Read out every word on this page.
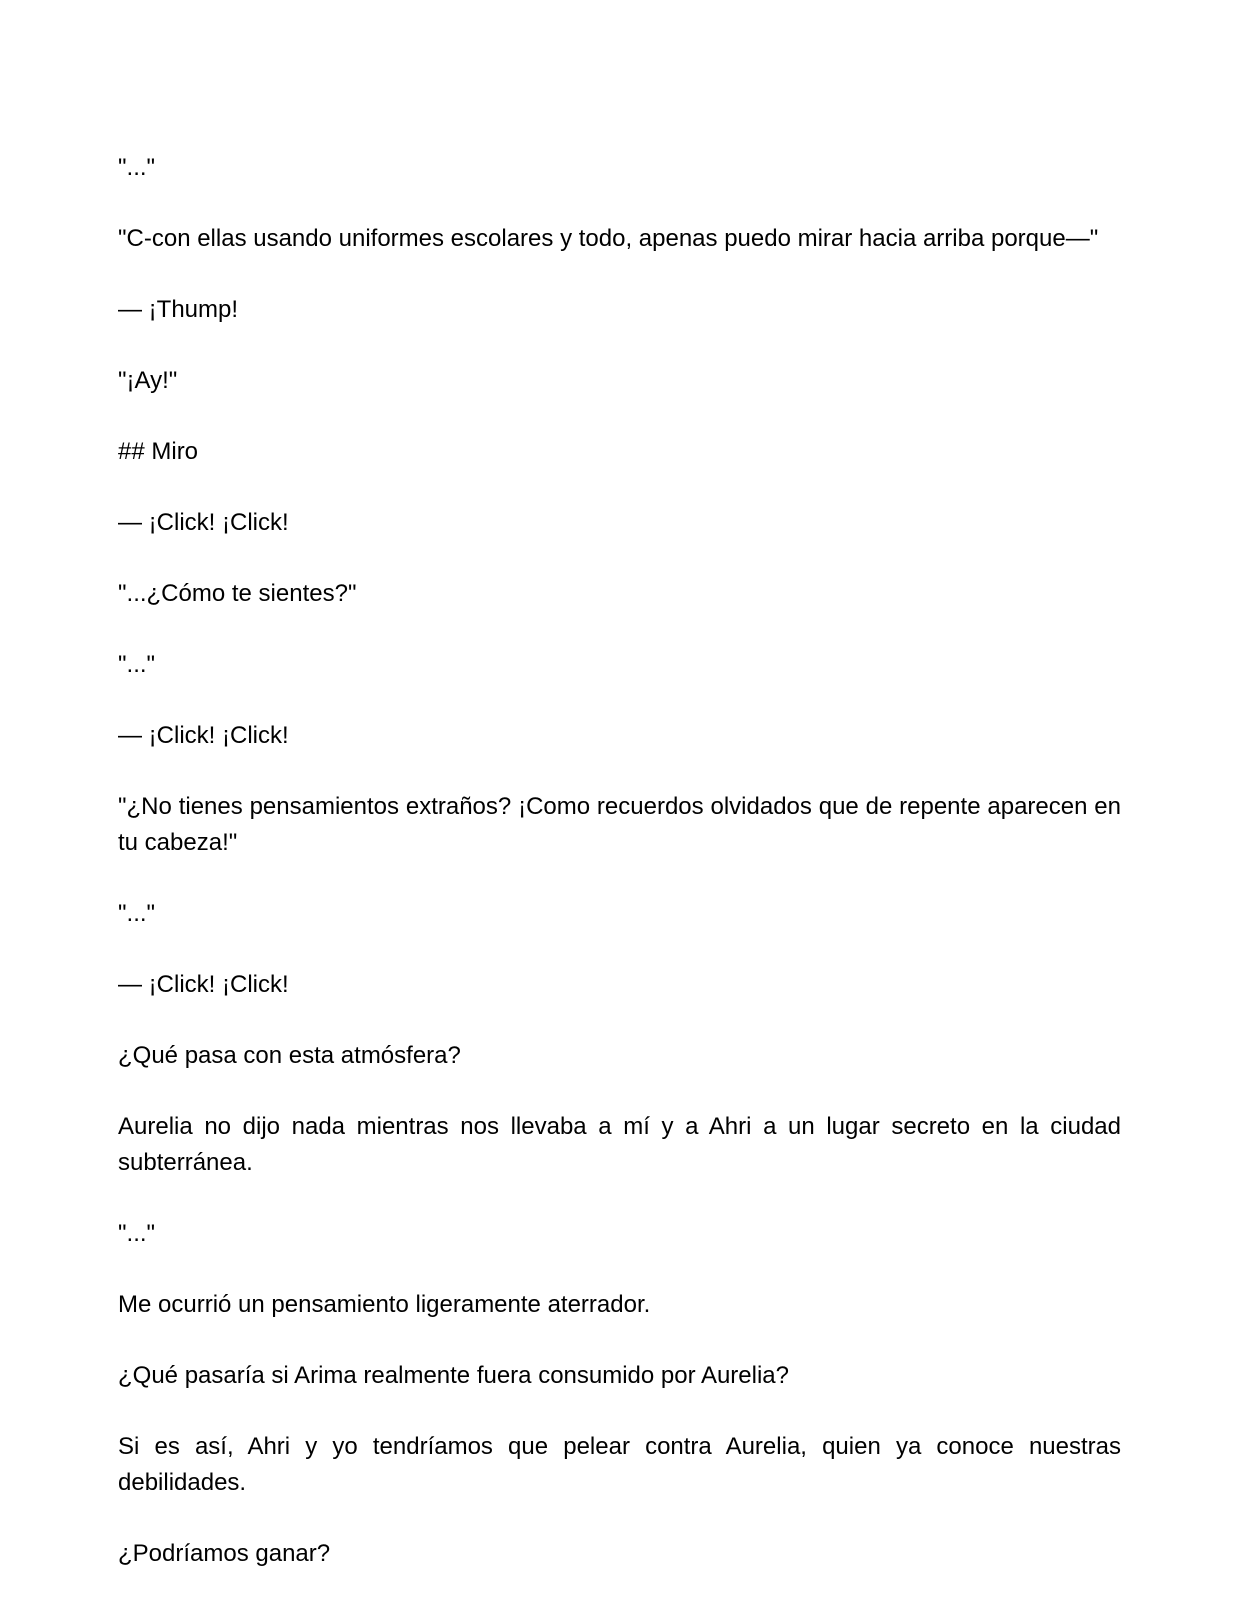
"..."

"C-con ellas usando uniformes escolares y todo, apenas puedo mirar hacia arriba porque—"

— ¡Thump!

"¡Ay!"

## Miro

— ¡Click! ¡Click!

"...¿Cómo te sientes?"

"..."

— ¡Click! ¡Click!

"¿No tienes pensamientos extraños? ¡Como recuerdos olvidados que de repente aparecen en tu cabeza!"

"..."

— ¡Click! ¡Click!

¿Qué pasa con esta atmósfera?

Aurelia no dijo nada mientras nos llevaba a mí y a Ahri a un lugar secreto en la ciudad subterránea.

"..."

Me ocurrió un pensamiento ligeramente aterrador.

¿Qué pasaría si Arima realmente fuera consumido por Aurelia?

Si es así, Ahri y yo tendríamos que pelear contra Aurelia, quien ya conoce nuestras debilidades.

¿Podríamos ganar?
